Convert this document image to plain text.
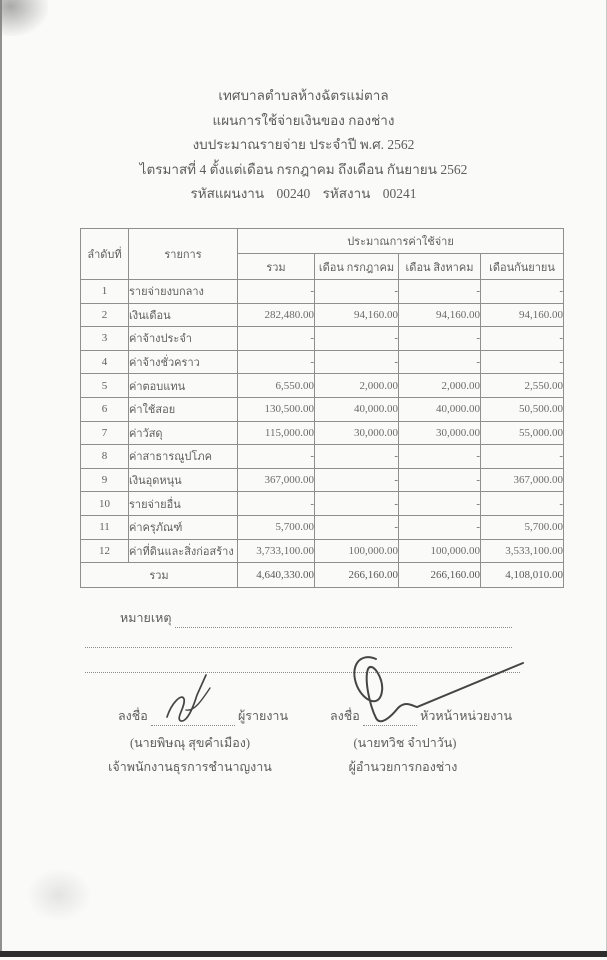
เทศบาลตำบลห้างฉัตรแม่ตาล
แผนการใช้จ่ายเงินของ กองช่าง
งบประมาณรายจ่าย ประจำปี พ.ศ. 2562
ไตรมาสที่ 4 ตั้งแต่เดือน กรกฎาคม ถึงเดือน กันยายน 2562
รหัสแผนงาน 00240 รหัสงาน 00241
ลำดับที่	รายการ	ประมาณการค่าใช้จ่าย			
		รวม	เดือน กรกฎาคม	เดือน สิงหาคม	เดือนกันยายน
1	รายจ่ายงบกลาง	-	-	-	-
2	เงินเดือน	282,480.00	94,160.00	94,160.00	94,160.00
3	ค่าจ้างประจำ	-	-	-	-
4	ค่าจ้างชั่วคราว	-	-	-	-
5	ค่าตอบแทน	6,550.00	2,000.00	2,000.00	2,550.00
6	ค่าใช้สอย	130,500.00	40,000.00	40,000.00	50,500.00
7	ค่าวัสดุ	115,000.00	30,000.00	30,000.00	55,000.00
8	ค่าสาธารณูปโภค	-	-	-	-
9	เงินอุดหนุน	367,000.00	-	-	367,000.00
10	รายจ่ายอื่น	-	-	-	-
11	ค่าครุภัณฑ์	5,700.00	-	-	5,700.00
12	ค่าที่ดินและสิ่งก่อสร้าง	3,733,100.00	100,000.00	100,000.00	3,533,100.00
รวม		4,640,330.00	266,160.00	266,160.00	4,108,010.00
หมายเหตุ
ลงชื่อ	ผู้รายงาน
(นายพิษณุ สุขคำเมือง)
เจ้าพนักงานธุรการชำนาญงาน
ลงชื่อ	หัวหน้าหน่วยงาน
(นายทวิช จำปาวัน)
ผู้อำนวยการกองช่าง
